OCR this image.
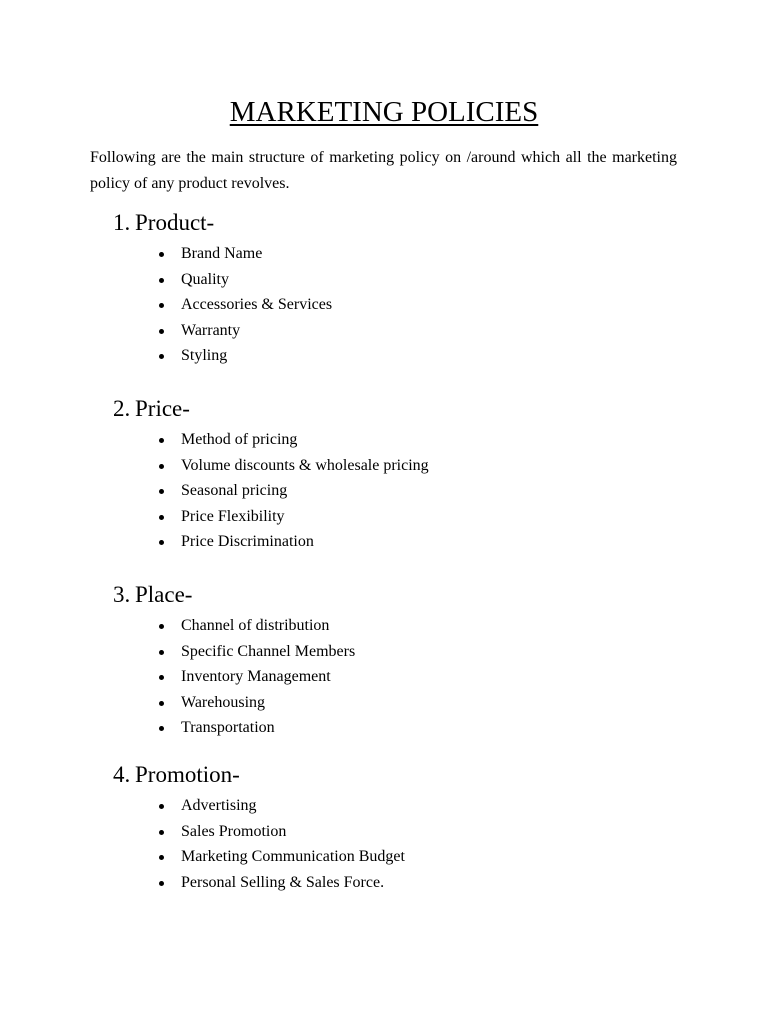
MARKETING POLICIES

Following are the main structure of marketing policy on /around which all the marketing policy of any product revolves.

1. Product-
Brand Name
Quality
Accessories & Services
Warranty
Styling
2. Price-
Method of pricing
Volume discounts & wholesale pricing
Seasonal pricing
Price Flexibility
Price Discrimination
3. Place-
Channel of distribution
Specific Channel Members
Inventory Management
Warehousing
Transportation
4. Promotion-
Advertising
Sales Promotion
Marketing Communication Budget
Personal Selling & Sales Force.
